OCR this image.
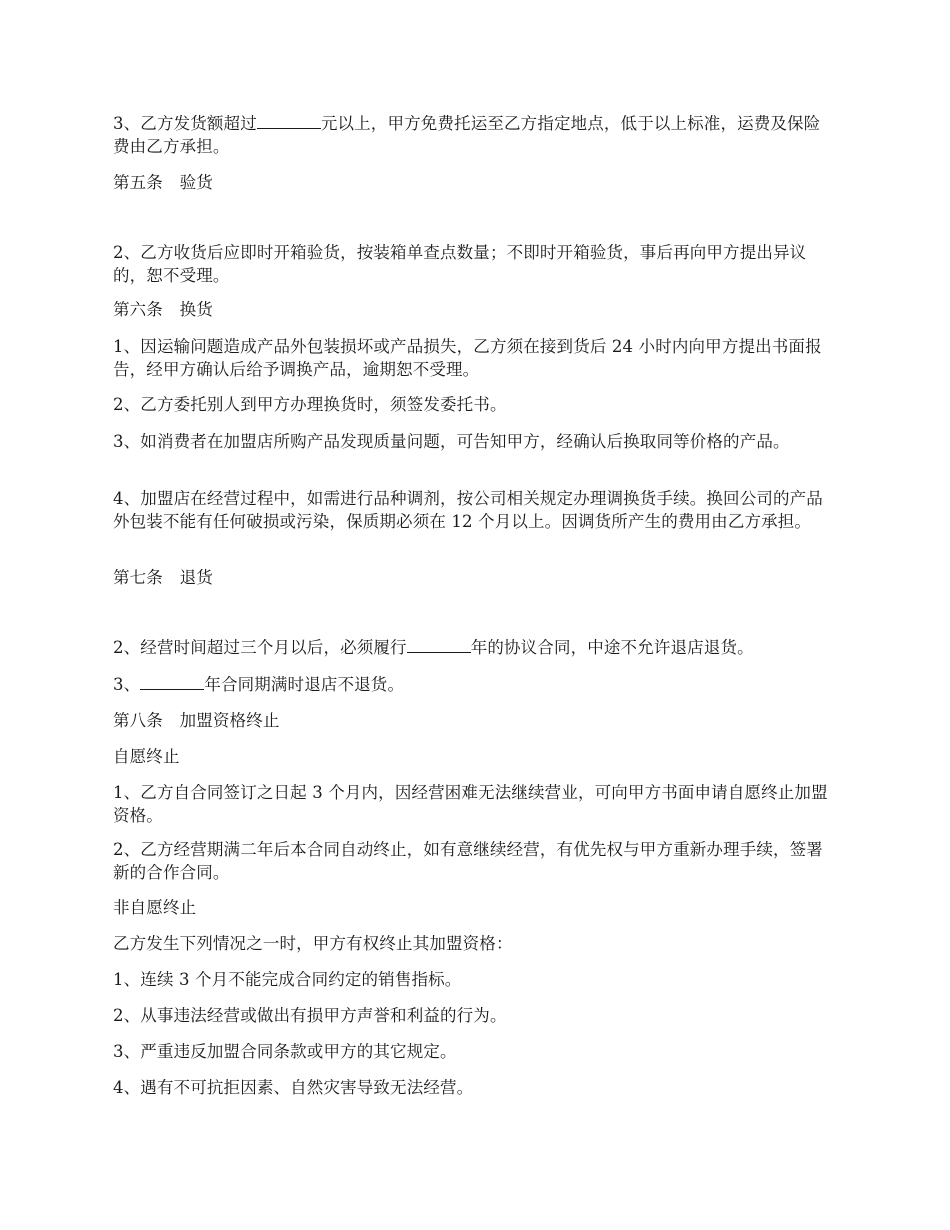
3、乙方发货额超过	元以上，甲方免费托运至乙方指定地点，低于以上标准，运费及保险费由乙方承担。

第五条　验货

2、乙方收货后应即时开箱验货，按装箱单查点数量；不即时开箱验货，事后再向甲方提出异议的，恕不受理。

第六条　换货

1、因运输问题造成产品外包装损坏或产品损失，乙方须在接到货后 24 小时内向甲方提出书面报告，经甲方确认后给予调换产品，逾期恕不受理。

2、乙方委托别人到甲方办理换货时，须签发委托书。

3、如消费者在加盟店所购产品发现质量问题，可告知甲方，经确认后换取同等价格的产品。

4、加盟店在经营过程中，如需进行品种调剂，按公司相关规定办理调换货手续。换回公司的产品外包装不能有任何破损或污染，保质期必须在 12 个月以上。因调货所产生的费用由乙方承担。

第七条　退货

2、经营时间超过三个月以后，必须履行	年的协议合同，中途不允许退店退货。

3、	年合同期满时退店不退货。

第八条　加盟资格终止

自愿终止

1、乙方自合同签订之日起 3 个月内，因经营困难无法继续营业，可向甲方书面申请自愿终止加盟资格。

2、乙方经营期满二年后本合同自动终止，如有意继续经营，有优先权与甲方重新办理手续，签署新的合作合同。

非自愿终止

乙方发生下列情况之一时，甲方有权终止其加盟资格：

1、连续 3 个月不能完成合同约定的销售指标。

2、从事违法经营或做出有损甲方声誉和利益的行为。

3、严重违反加盟合同条款或甲方的其它规定。

4、遇有不可抗拒因素、自然灾害导致无法经营。
